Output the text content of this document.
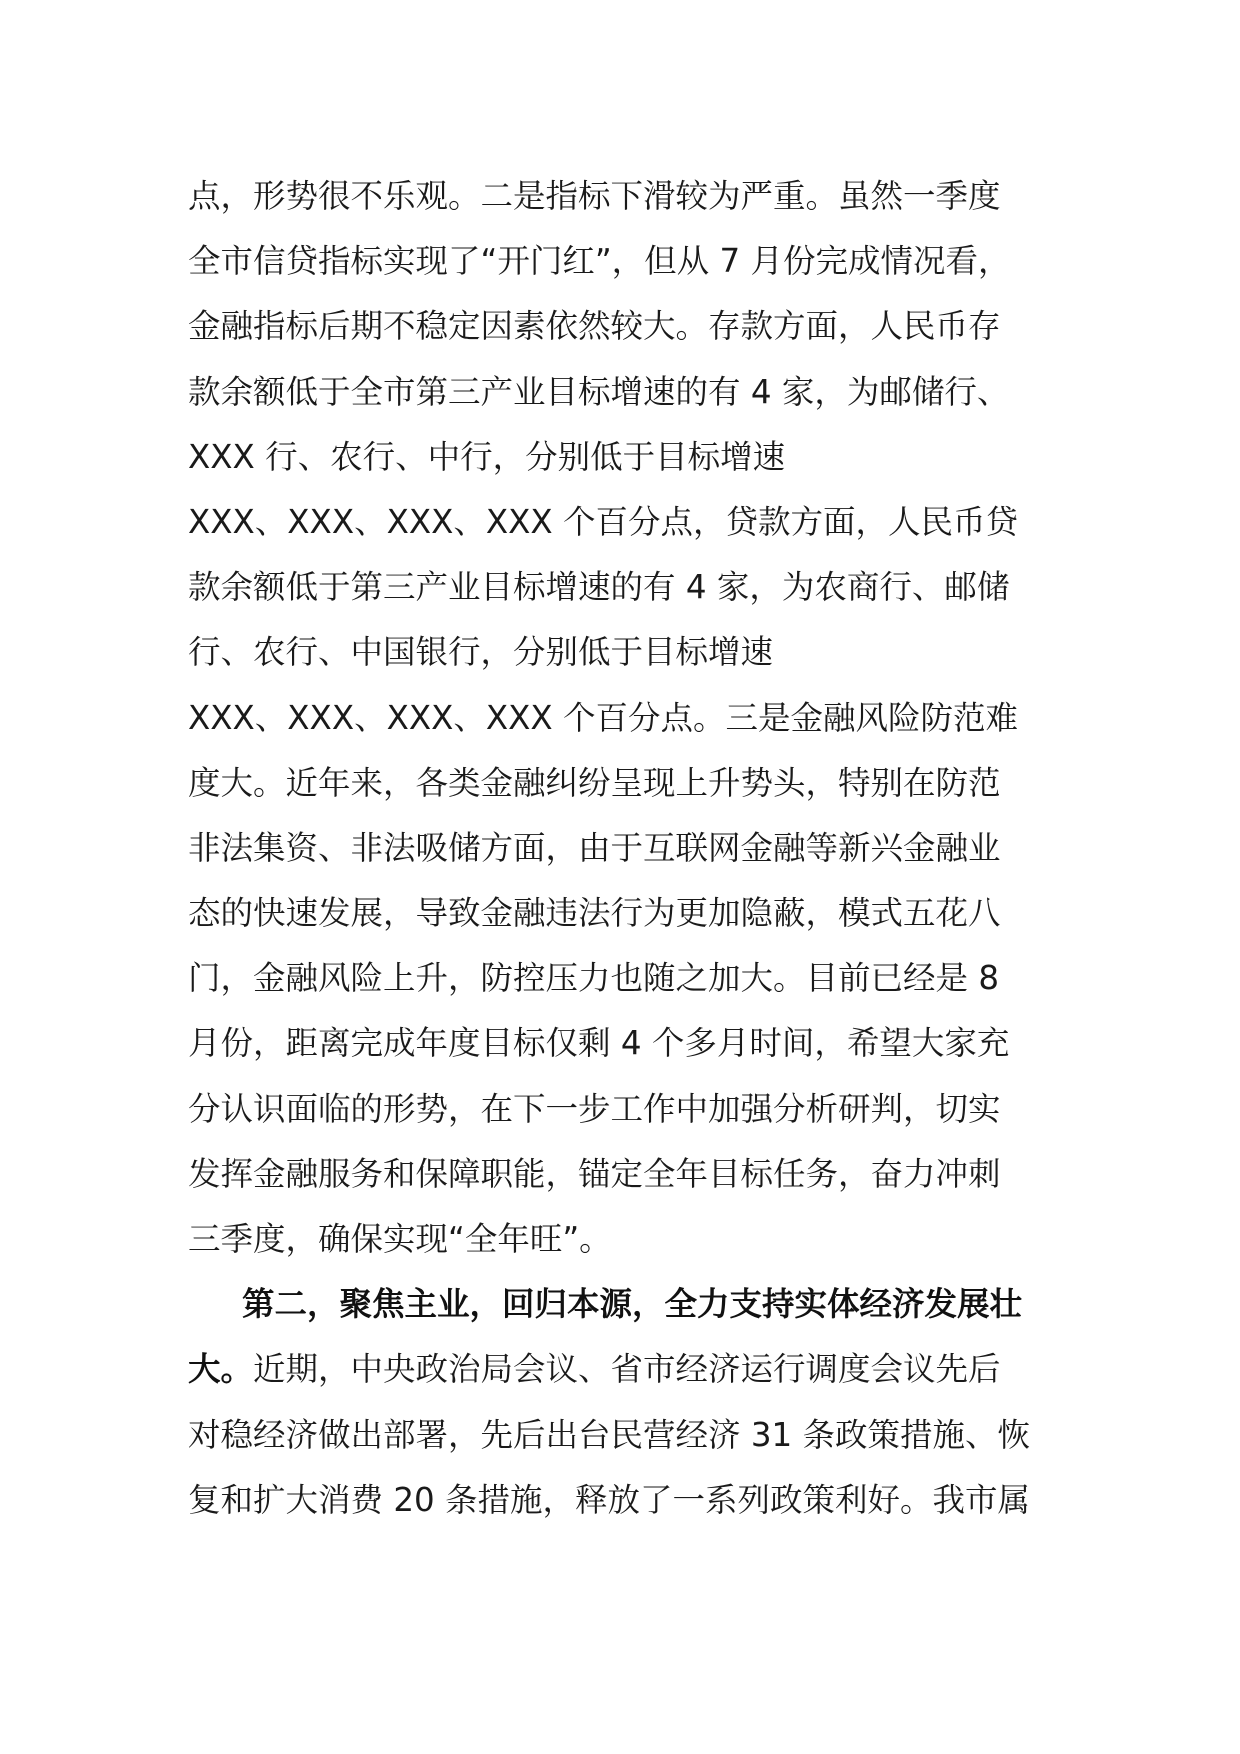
点，形势很不乐观。二是指标下滑较为严重。虽然一季度
全市信贷指标实现了“开门红”，但从 7 月份完成情况看，
金融指标后期不稳定因素依然较大。存款方面，人民币存
款余额低于全市第三产业目标增速的有 4 家，为邮储行、
XXX 行、农行、中行，分别低于目标增速
XXX、XXX、XXX、XXX 个百分点，贷款方面，人民币贷
款余额低于第三产业目标增速的有 4 家，为农商行、邮储
行、农行、中国银行，分别低于目标增速
XXX、XXX、XXX、XXX 个百分点。三是金融风险防范难
度大。近年来，各类金融纠纷呈现上升势头，特别在防范
非法集资、非法吸储方面，由于互联网金融等新兴金融业
态的快速发展，导致金融违法行为更加隐蔽，模式五花八
门，金融风险上升，防控压力也随之加大。目前已经是 8
月份，距离完成年度目标仅剩 4 个多月时间，希望大家充
分认识面临的形势，在下一步工作中加强分析研判，切实
发挥金融服务和保障职能，锚定全年目标任务，奋力冲刺
三季度，确保实现“全年旺”。
第二，聚焦主业，回归本源，全力支持实体经济发展壮
大。近期，中央政治局会议、省市经济运行调度会议先后
对稳经济做出部署，先后出台民营经济 31 条政策措施、恢
复和扩大消费 20 条措施，释放了一系列政策利好。我市属
